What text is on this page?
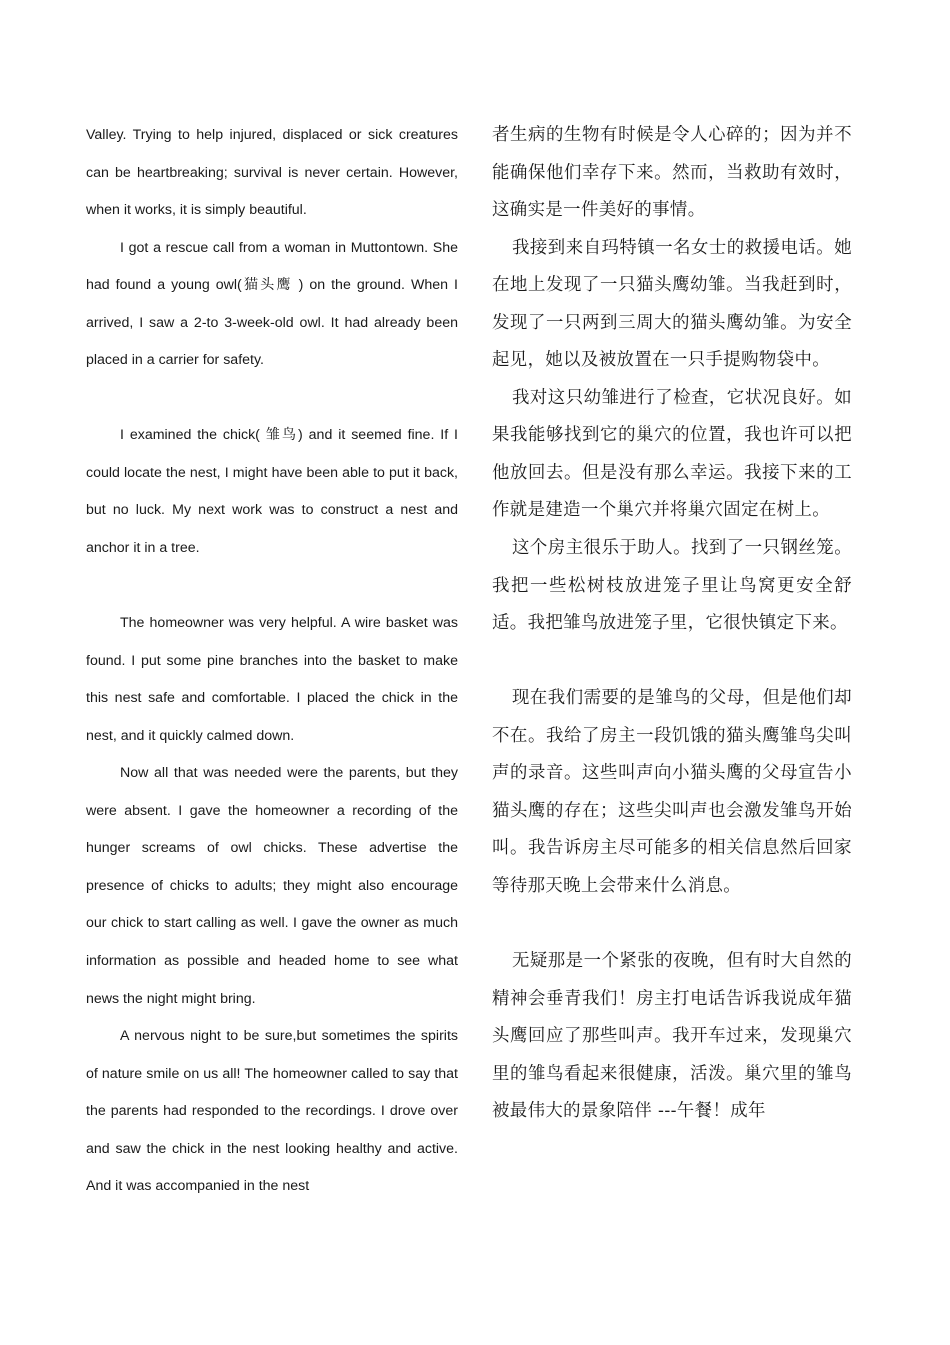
Valley. Trying to help injured, displaced or sick creatures can be heartbreaking; survival is never certain. However, when it works, it is simply beautiful.

I got a rescue call from a woman in Muttontown. She had found a young owl(猫头鹰 ) on the ground. When I arrived, I saw a 2-to 3-week-old owl. It had already been placed in a carrier for safety.

I examined the chick( 雏鸟) and it seemed fine. If I could locate the nest, I might have been able to put it back, but no luck. My next work was to construct a nest and anchor it in a tree.

The homeowner was very helpful. A wire basket was found. I put some pine branches into the basket to make this nest safe and comfortable. I placed the chick in the nest, and it quickly calmed down.

Now all that was needed were the parents, but they were absent. I gave the homeowner a recording of the hunger screams of owl chicks. These advertise the presence of chicks to adults; they might also encourage our chick to start calling as well. I gave the owner as much information as possible and headed home to see what news the night might bring.

A nervous night to be sure,but sometimes the spirits of nature smile on us all! The homeowner called to say that the parents had responded to the recordings. I drove over and saw the chick in the nest looking healthy and active. And it was accompanied in the nest

者生病的生物有时候是令人心碎的；因为并不能确保他们幸存下来。然而，当救助有效时，这确实是一件美好的事情。

我接到来自玛特镇一名女士的救援电话。她在地上发现了一只猫头鹰幼雏。当我赶到时，发现了一只两到三周大的猫头鹰幼雏。为安全起见，她以及被放置在一只手提购物袋中。

我对这只幼雏进行了检查，它状况良好。如果我能够找到它的巢穴的位置，我也许可以把他放回去。但是没有那么幸运。我接下来的工作就是建造一个巢穴并将巢穴固定在树上。

这个房主很乐于助人。找到了一只钢丝笼。我把一些松树枝放进笼子里让鸟窝更安全舒适。我把雏鸟放进笼子里，它很快镇定下来。

现在我们需要的是雏鸟的父母，但是他们却不在。我给了房主一段饥饿的猫头鹰雏鸟尖叫声的录音。这些叫声向小猫头鹰的父母宣告小猫头鹰的存在；这些尖叫声也会激发雏鸟开始叫。我告诉房主尽可能多的相关信息然后回家等待那天晚上会带来什么消息。

无疑那是一个紧张的夜晚，但有时大自然的精神会垂青我们！房主打电话告诉我说成年猫头鹰回应了那些叫声。我开车过来，发现巢穴里的雏鸟看起来很健康，活泼。巢穴里的雏鸟被最伟大的景象陪伴 ---午餐！成年
